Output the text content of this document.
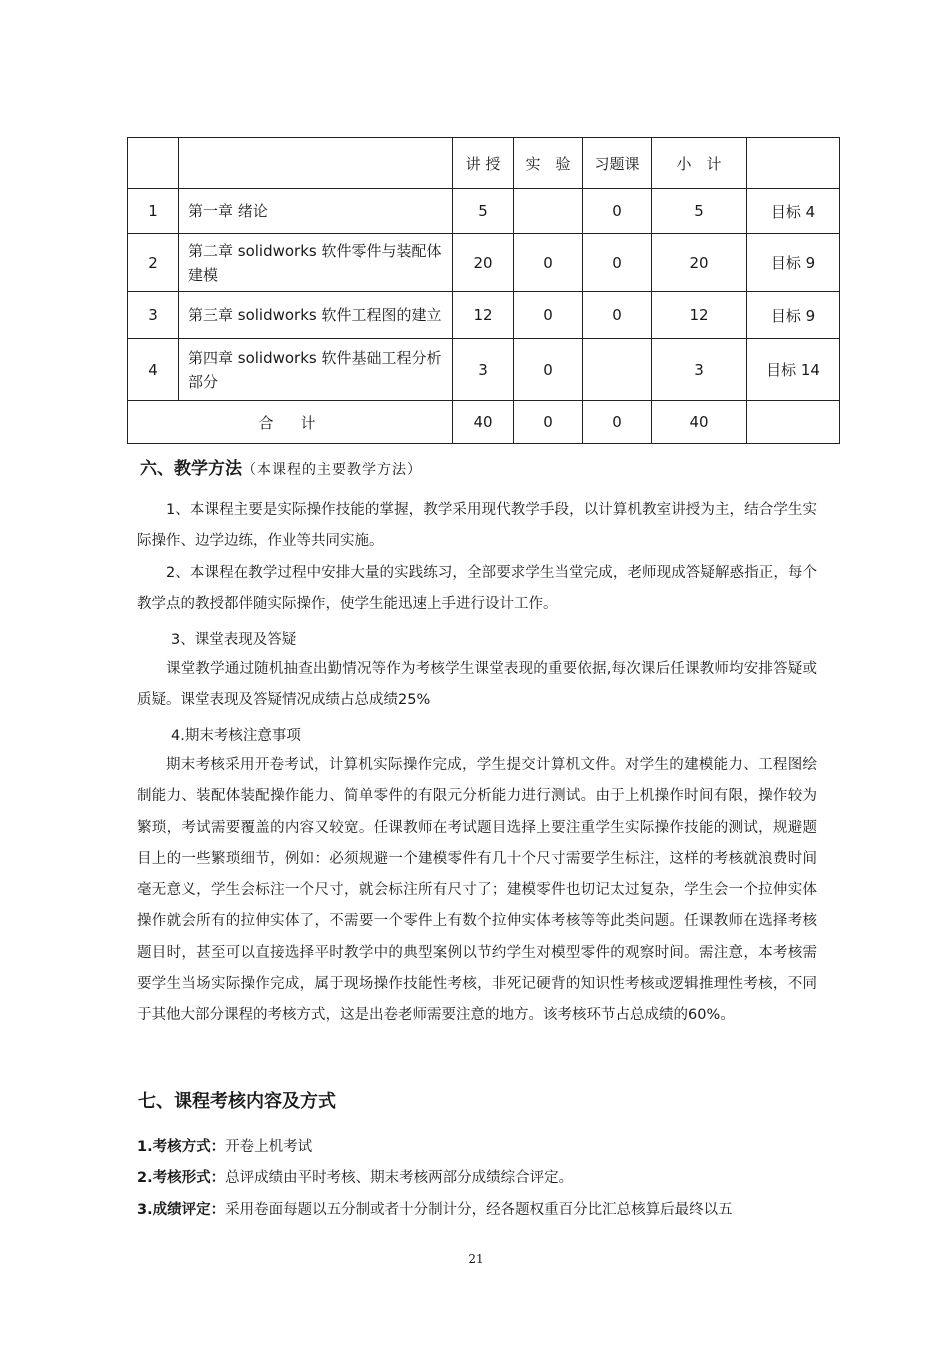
		讲 授	实　验	习题课	小　计	
1	第一章 绪论	5		0	5	目标 4
2	第二章 solidworks 软件零件与装配体建模	20	0	0	20	目标 9
3	第三章 solidworks 软件工程图的建立	12	0	0	12	目标 9
4	第四章 solidworks 软件基础工程分析部分	3	0		3	目标 14
合　计		40	0	0	40	
六、教学方法（本课程的主要教学方法）
1、本课程主要是实际操作技能的掌握，教学采用现代教学手段，以计算机教室讲授为主，结合学生实际操作、边学边练，作业等共同实施。
2、本课程在教学过程中安排大量的实践练习，全部要求学生当堂完成，老师现成答疑解惑指正，每个教学点的教授都伴随实际操作，使学生能迅速上手进行设计工作。
3、课堂表现及答疑
课堂教学通过随机抽查出勤情况等作为考核学生课堂表现的重要依据,每次课后任课教师均安排答疑或质疑。课堂表现及答疑情况成绩占总成绩25%
4.期末考核注意事项
期末考核采用开卷考试，计算机实际操作完成，学生提交计算机文件。对学生的建模能力、工程图绘制能力、装配体装配操作能力、简单零件的有限元分析能力进行测试。由于上机操作时间有限，操作较为繁琐，考试需要覆盖的内容又较宽。任课教师在考试题目选择上要注重学生实际操作技能的测试，规避题目上的一些繁琐细节，例如：必须规避一个建模零件有几十个尺寸需要学生标注，这样的考核就浪费时间毫无意义，学生会标注一个尺寸，就会标注所有尺寸了；建模零件也切记太过复杂，学生会一个拉伸实体操作就会所有的拉伸实体了，不需要一个零件上有数个拉伸实体考核等等此类问题。任课教师在选择考核题目时，甚至可以直接选择平时教学中的典型案例以节约学生对模型零件的观察时间。需注意，本考核需要学生当场实际操作完成，属于现场操作技能性考核，非死记硬背的知识性考核或逻辑推理性考核，不同于其他大部分课程的考核方式，这是出卷老师需要注意的地方。该考核环节占总成绩的60%。
七、课程考核内容及方式
1.考核方式：开卷上机考试
2.考核形式：总评成绩由平时考核、期末考核两部分成绩综合评定。
3.成绩评定：采用卷面每题以五分制或者十分制计分，经各题权重百分比汇总核算后最终以五
21
